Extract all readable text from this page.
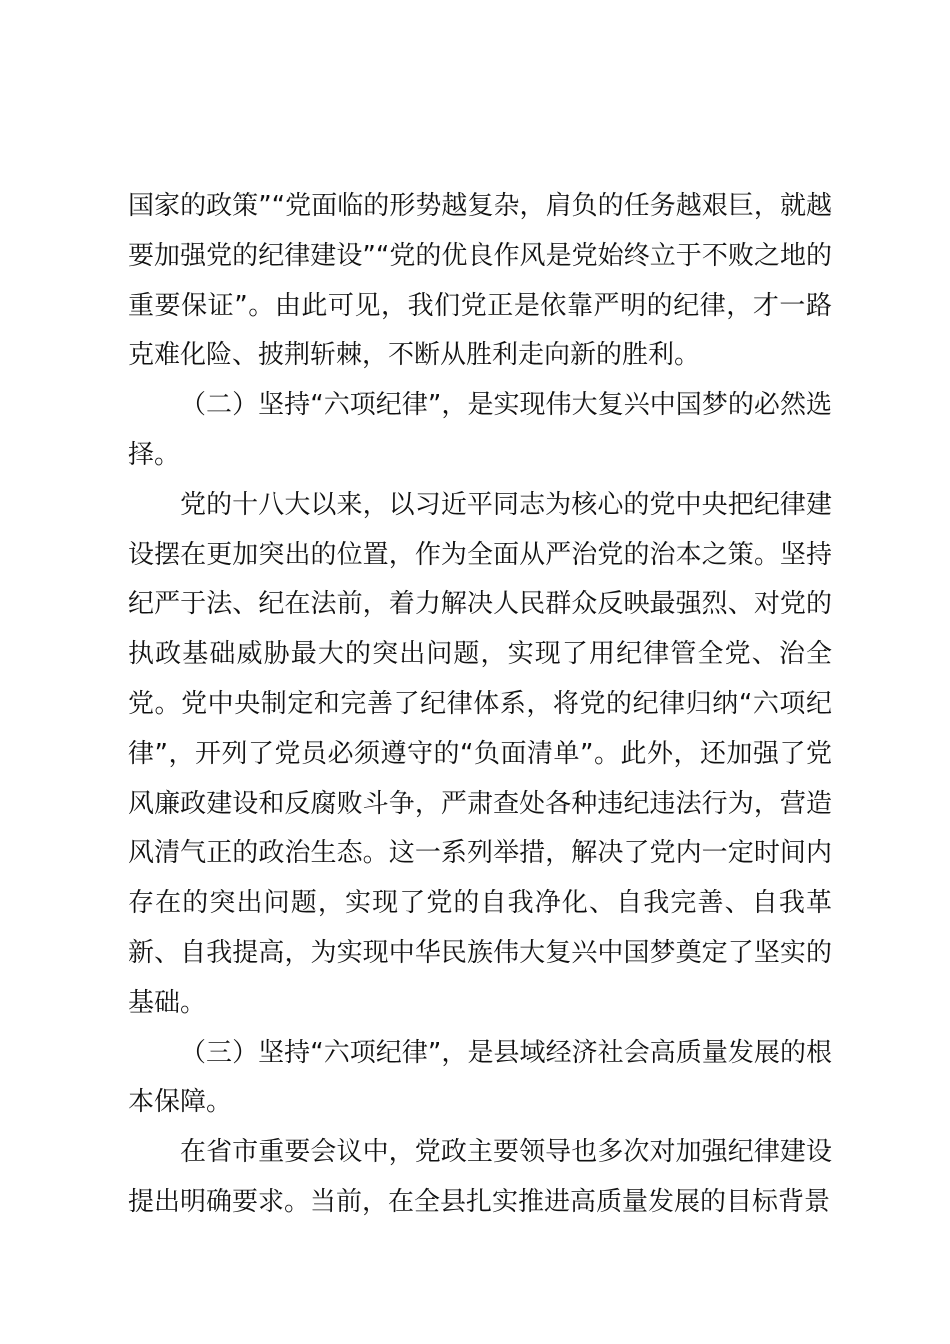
国家的政策”“党面临的形势越复杂，肩负的任务越艰巨，就越要加强党的纪律建设”“党的优良作风是党始终立于不败之地的重要保证”。由此可见，我们党正是依靠严明的纪律，才一路克难化险、披荆斩棘，不断从胜利走向新的胜利。

（二）坚持“六项纪律”，是实现伟大复兴中国梦的必然选择。

党的十八大以来，以习近平同志为核心的党中央把纪律建设摆在更加突出的位置，作为全面从严治党的治本之策。坚持纪严于法、纪在法前，着力解决人民群众反映最强烈、对党的执政基础威胁最大的突出问题，实现了用纪律管全党、治全党。党中央制定和完善了纪律体系，将党的纪律归纳“六项纪律”，开列了党员必须遵守的“负面清单”。此外，还加强了党风廉政建设和反腐败斗争，严肃查处各种违纪违法行为，营造风清气正的政治生态。这一系列举措，解决了党内一定时间内存在的突出问题，实现了党的自我净化、自我完善、自我革新、自我提高，为实现中华民族伟大复兴中国梦奠定了坚实的基础。

（三）坚持“六项纪律”，是县域经济社会高质量发展的根本保障。

在省市重要会议中，党政主要领导也多次对加强纪律建设提出明确要求。当前，在全县扎实推进高质量发展的目标背景
